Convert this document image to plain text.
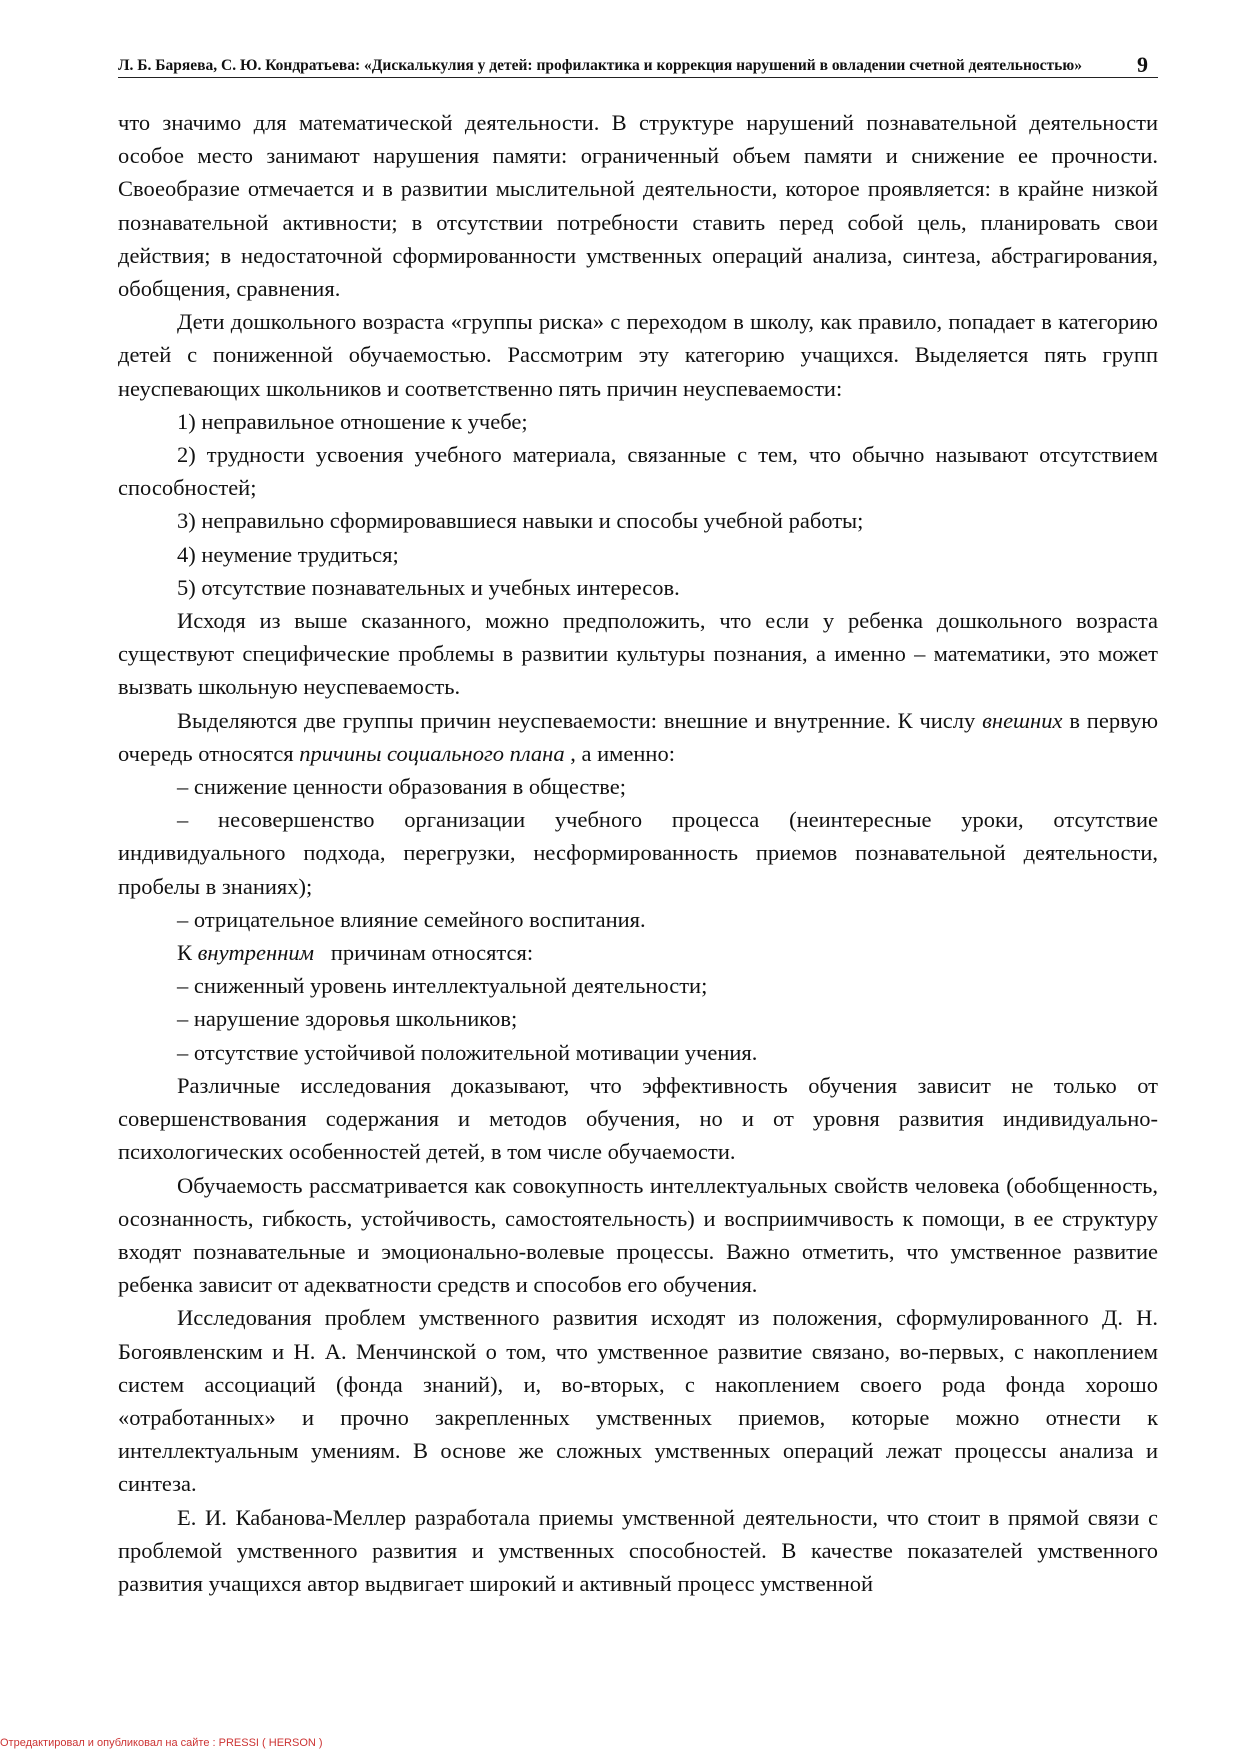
Л. Б. Баряева, С. Ю. Кондратьева: «Дискалькулия у детей: профилактика и коррекция нарушений в овладении счетной деятельностью»	9

что значимо для математической деятельности. В структуре нарушений познавательной деятельности особое место занимают нарушения памяти: ограниченный объем памяти и снижение ее прочности. Своеобразие отмечается и в развитии мыслительной деятельности, которое проявляется: в крайне низкой познавательной активности; в отсутствии потребности ставить перед собой цель, планировать свои действия; в недостаточной сформированности умственных операций анализа, синтеза, абстрагирования, обобщения, сравнения.

Дети дошкольного возраста «группы риска» с переходом в школу, как правило, попадает в категорию детей с пониженной обучаемостью. Рассмотрим эту категорию учащихся. Выделяется пять групп неуспевающих школьников и соответственно пять причин неуспеваемости:

1) неправильное отношение к учебе;

2) трудности усвоения учебного материала, связанные с тем, что обычно называют отсутствием способностей;

3) неправильно сформировавшиеся навыки и способы учебной работы;

4) неумение трудиться;

5) отсутствие познавательных и учебных интересов.

Исходя из выше сказанного, можно предположить, что если у ребенка дошкольного возраста существуют специфические проблемы в развитии культуры познания, а именно – математики, это может вызвать школьную неуспеваемость.

Выделяются две группы причин неуспеваемости: внешние и внутренние. К числу внешних в первую очередь относятся причины социального плана , а именно:

– снижение ценности образования в обществе;

– несовершенство организации учебного процесса (неинтересные уроки, отсутствие индивидуального подхода, перегрузки, несформированность приемов познавательной деятельности, пробелы в знаниях);

– отрицательное влияние семейного воспитания.

К внутренним   причинам относятся:

– сниженный уровень интеллектуальной деятельности;

– нарушение здоровья школьников;

– отсутствие устойчивой положительной мотивации учения.

Различные исследования доказывают, что эффективность обучения зависит не только от совершенствования содержания и методов обучения, но и от уровня развития индивидуально-психологических особенностей детей, в том числе обучаемости.

Обучаемость рассматривается как совокупность интеллектуальных свойств человека (обобщенность, осознанность, гибкость, устойчивость, самостоятельность) и восприимчивость к помощи, в ее структуру входят познавательные и эмоционально-волевые процессы. Важно отметить, что умственное развитие ребенка зависит от адекватности средств и способов его обучения.

Исследования проблем умственного развития исходят из положения, сформулированного Д. Н. Богоявленским и Н. А. Менчинской о том, что умственное развитие связано, во-первых, с накоплением систем ассоциаций (фонда знаний), и, во-вторых, с накоплением своего рода фонда хорошо «отработанных» и прочно закрепленных умственных приемов, которые можно отнести к интеллектуальным умениям. В основе же сложных умственных операций лежат процессы анализа и синтеза.

Е. И. Кабанова-Меллер разработала приемы умственной деятельности, что стоит в прямой связи с проблемой умственного развития и умственных способностей. В качестве показателей умственного развития учащихся автор выдвигает широкий и активный процесс умственной

Отредактировал и опубликовал на сайте : PRESSI ( HERSON )
